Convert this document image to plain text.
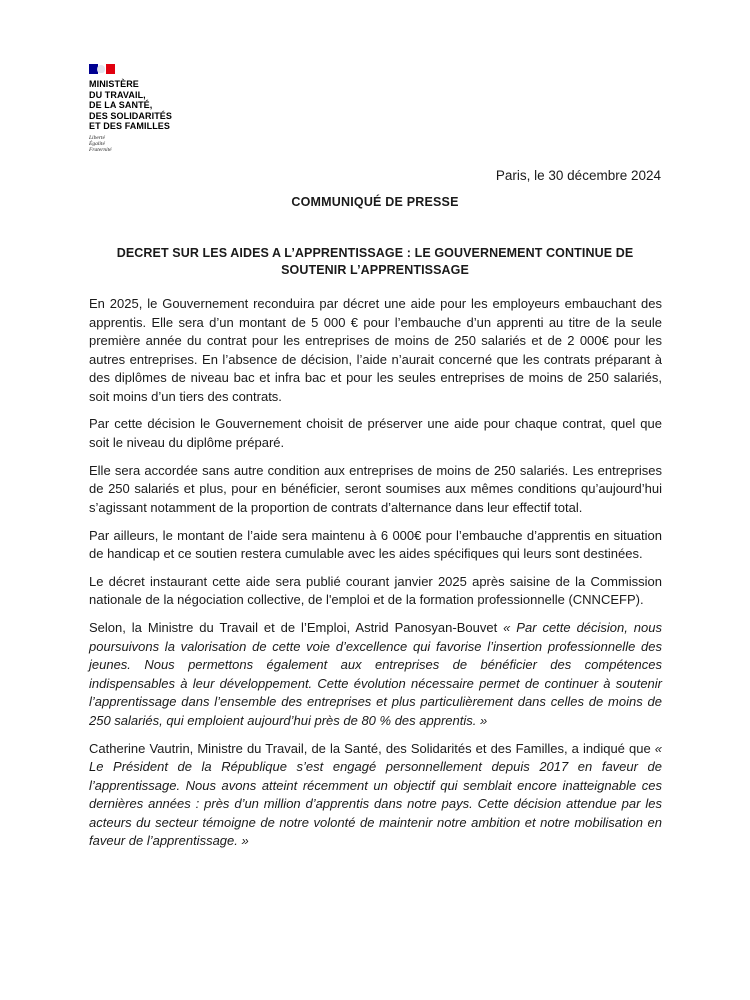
MINISTÈRE
DU TRAVAIL,
DE LA SANTÉ,
DES SOLIDARITÉS
ET DES FAMILLES

Liberté
Égalité
Fraternité

Paris, le 30 décembre 2024

COMMUNIQUÉ DE PRESSE

DECRET SUR LES AIDES A L’APPRENTISSAGE : LE GOUVERNEMENT CONTINUE DE
SOUTENIR L’APPRENTISSAGE

En 2025, le Gouvernement reconduira par décret une aide pour les employeurs embauchant des apprentis. Elle sera d’un montant de 5 000 € pour l’embauche d’un apprenti au titre de la seule première année du contrat pour les entreprises de moins de 250 salariés et de 2 000€ pour les autres entreprises. En l’absence de décision, l’aide n’aurait concerné que les contrats préparant à des diplômes de niveau bac et infra bac et pour les seules entreprises de moins de 250 salariés, soit moins d’un tiers des contrats.

Par cette décision le Gouvernement choisit de préserver une aide pour chaque contrat, quel que soit le niveau du diplôme préparé.

Elle sera accordée sans autre condition aux entreprises de moins de 250 salariés. Les entreprises de 250 salariés et plus, pour en bénéficier, seront soumises aux mêmes conditions qu’aujourd’hui s’agissant notamment de la proportion de contrats d’alternance dans leur effectif total.

Par ailleurs, le montant de l’aide sera maintenu à 6 000€ pour l’embauche d’apprentis en situation de handicap et ce soutien restera cumulable avec les aides spécifiques qui leurs sont destinées.

Le décret instaurant cette aide sera publié courant janvier 2025 après saisine de la Commission nationale de la négociation collective, de l'emploi et de la formation professionnelle (CNNCEFP).

Selon, la Ministre du Travail et de l’Emploi, Astrid Panosyan-Bouvet « Par cette décision, nous poursuivons la valorisation de cette voie d’excellence qui favorise l’insertion professionnelle des jeunes. Nous permettons également aux entreprises de bénéficier des compétences indispensables à leur développement. Cette évolution nécessaire permet de continuer à soutenir l’apprentissage dans l’ensemble des entreprises et plus particulièrement dans celles de moins de 250 salariés, qui emploient aujourd’hui près de 80 % des apprentis. »

Catherine Vautrin, Ministre du Travail, de la Santé, des Solidarités et des Familles, a indiqué que « Le Président de la République s’est engagé personnellement depuis 2017 en faveur de l’apprentissage. Nous avons atteint récemment un objectif qui semblait encore inatteignable ces dernières années : près d’un million d’apprentis dans notre pays. Cette décision attendue par les acteurs du secteur témoigne de notre volonté de maintenir notre ambition et notre mobilisation en faveur de l’apprentissage. »
